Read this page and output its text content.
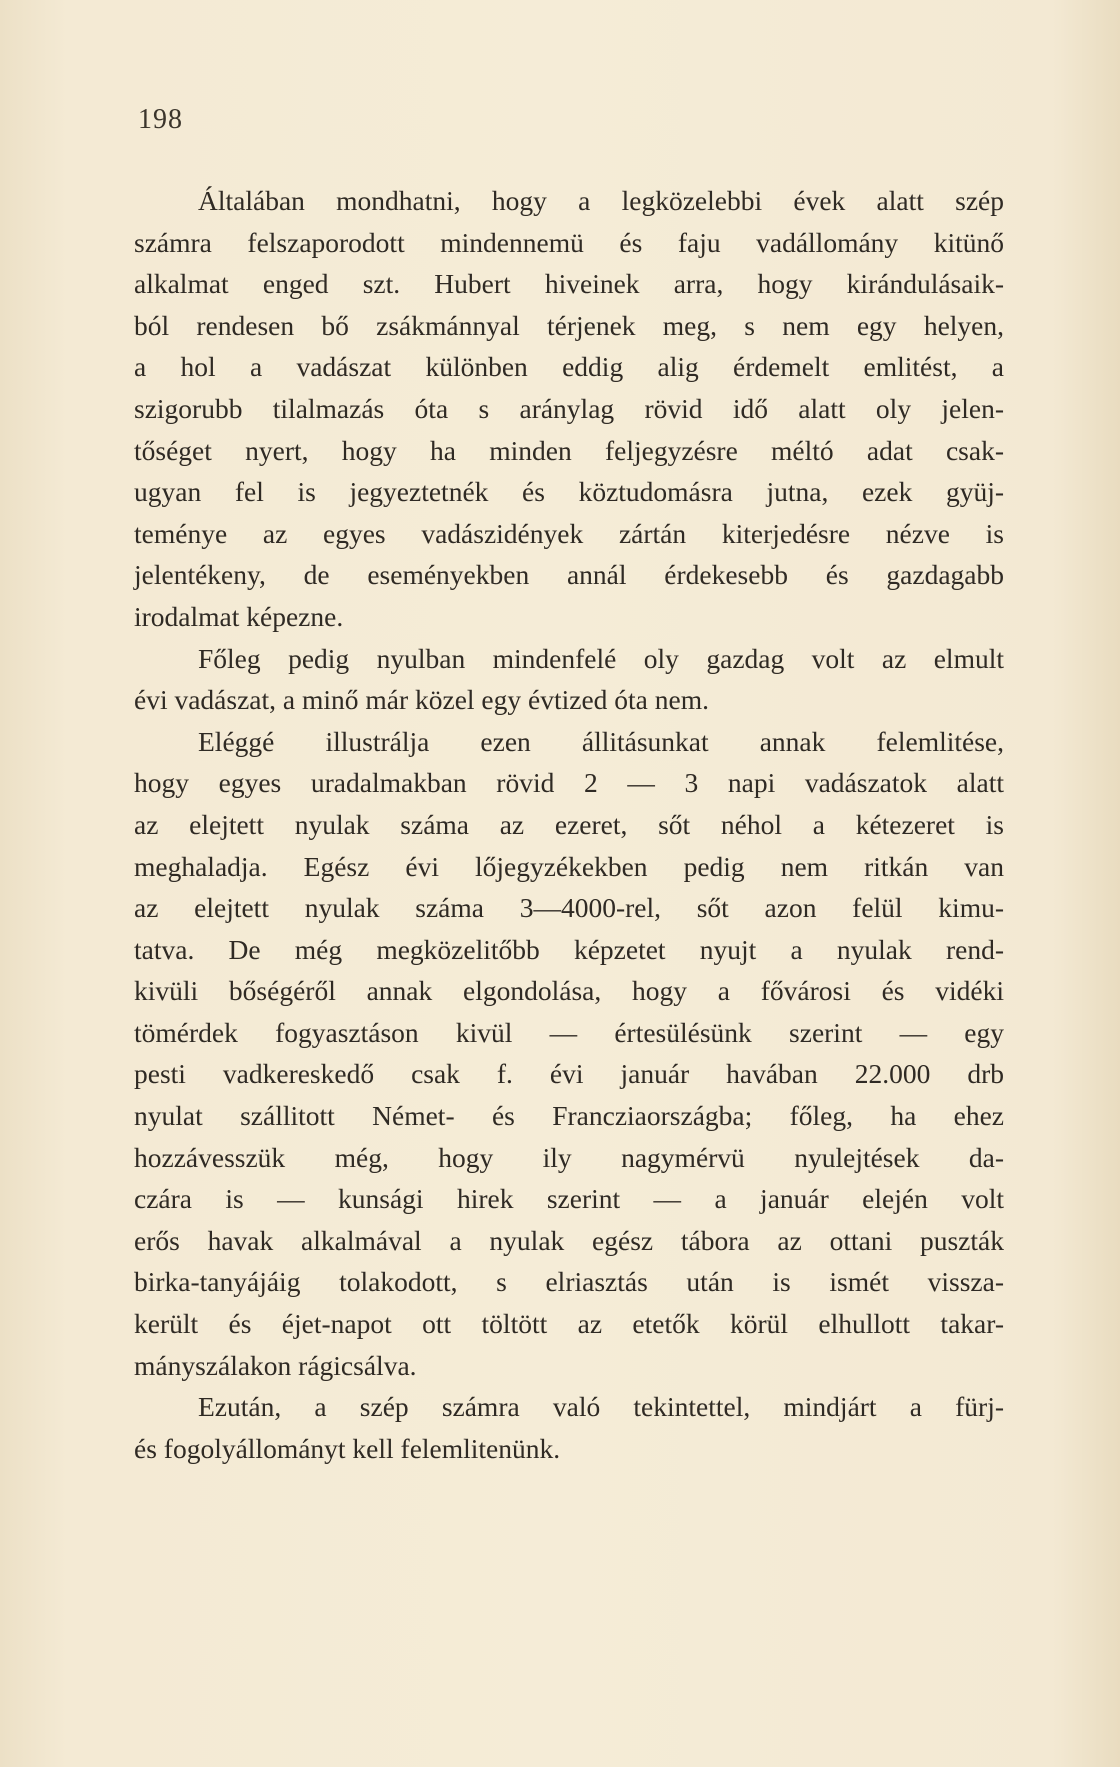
198
Általában mondhatni, hogy a legközelebbi évek alatt szép
számra felszaporodott mindennemü és faju vadállomány kitünő
alkalmat enged szt. Hubert hiveinek arra, hogy kirándulásaik-
ból rendesen bő zsákmánnyal térjenek meg, s nem egy helyen,
a hol a vadászat különben eddig alig érdemelt emlitést, a
szigorubb tilalmazás óta s aránylag rövid idő alatt oly jelen-
tőséget nyert, hogy ha minden feljegyzésre méltó adat csak-
ugyan fel is jegyeztetnék és köztudomásra jutna, ezek gyüj-
teménye az egyes vadászidények zártán kiterjedésre nézve is
jelentékeny, de eseményekben annál érdekesebb és gazdagabb
irodalmat képezne.
Főleg pedig nyulban mindenfelé oly gazdag volt az elmult
évi vadászat, a minő már közel egy évtized óta nem.
Eléggé illustrálja ezen állitásunkat annak felemlitése,
hogy egyes uradalmakban rövid 2 — 3 napi vadászatok alatt
az elejtett nyulak száma az ezeret, sőt néhol a kétezeret is
meghaladja. Egész évi lőjegyzékekben pedig nem ritkán van
az elejtett nyulak száma 3—4000-rel, sőt azon felül kimu-
tatva. De még megközelitőbb képzetet nyujt a nyulak rend-
kivüli bőségéről annak elgondolása, hogy a fővárosi és vidéki
tömérdek fogyasztáson kivül — értesülésünk szerint — egy
pesti vadkereskedő csak f. évi január havában 22.000 drb
nyulat szállitott Német- és Francziaországba; főleg, ha ehez
hozzávesszük még, hogy ily nagymérvü nyulejtések da-
czára is — kunsági hirek szerint — a január elején volt
erős havak alkalmával a nyulak egész tábora az ottani puszták
birka-tanyájáig tolakodott, s elriasztás után is ismét vissza-
került és éjet-napot ott töltött az etetők körül elhullott takar-
mányszálakon rágicsálva.
Ezután, a szép számra való tekintettel, mindjárt a fürj-
és fogolyállományt kell felemlitenünk.
